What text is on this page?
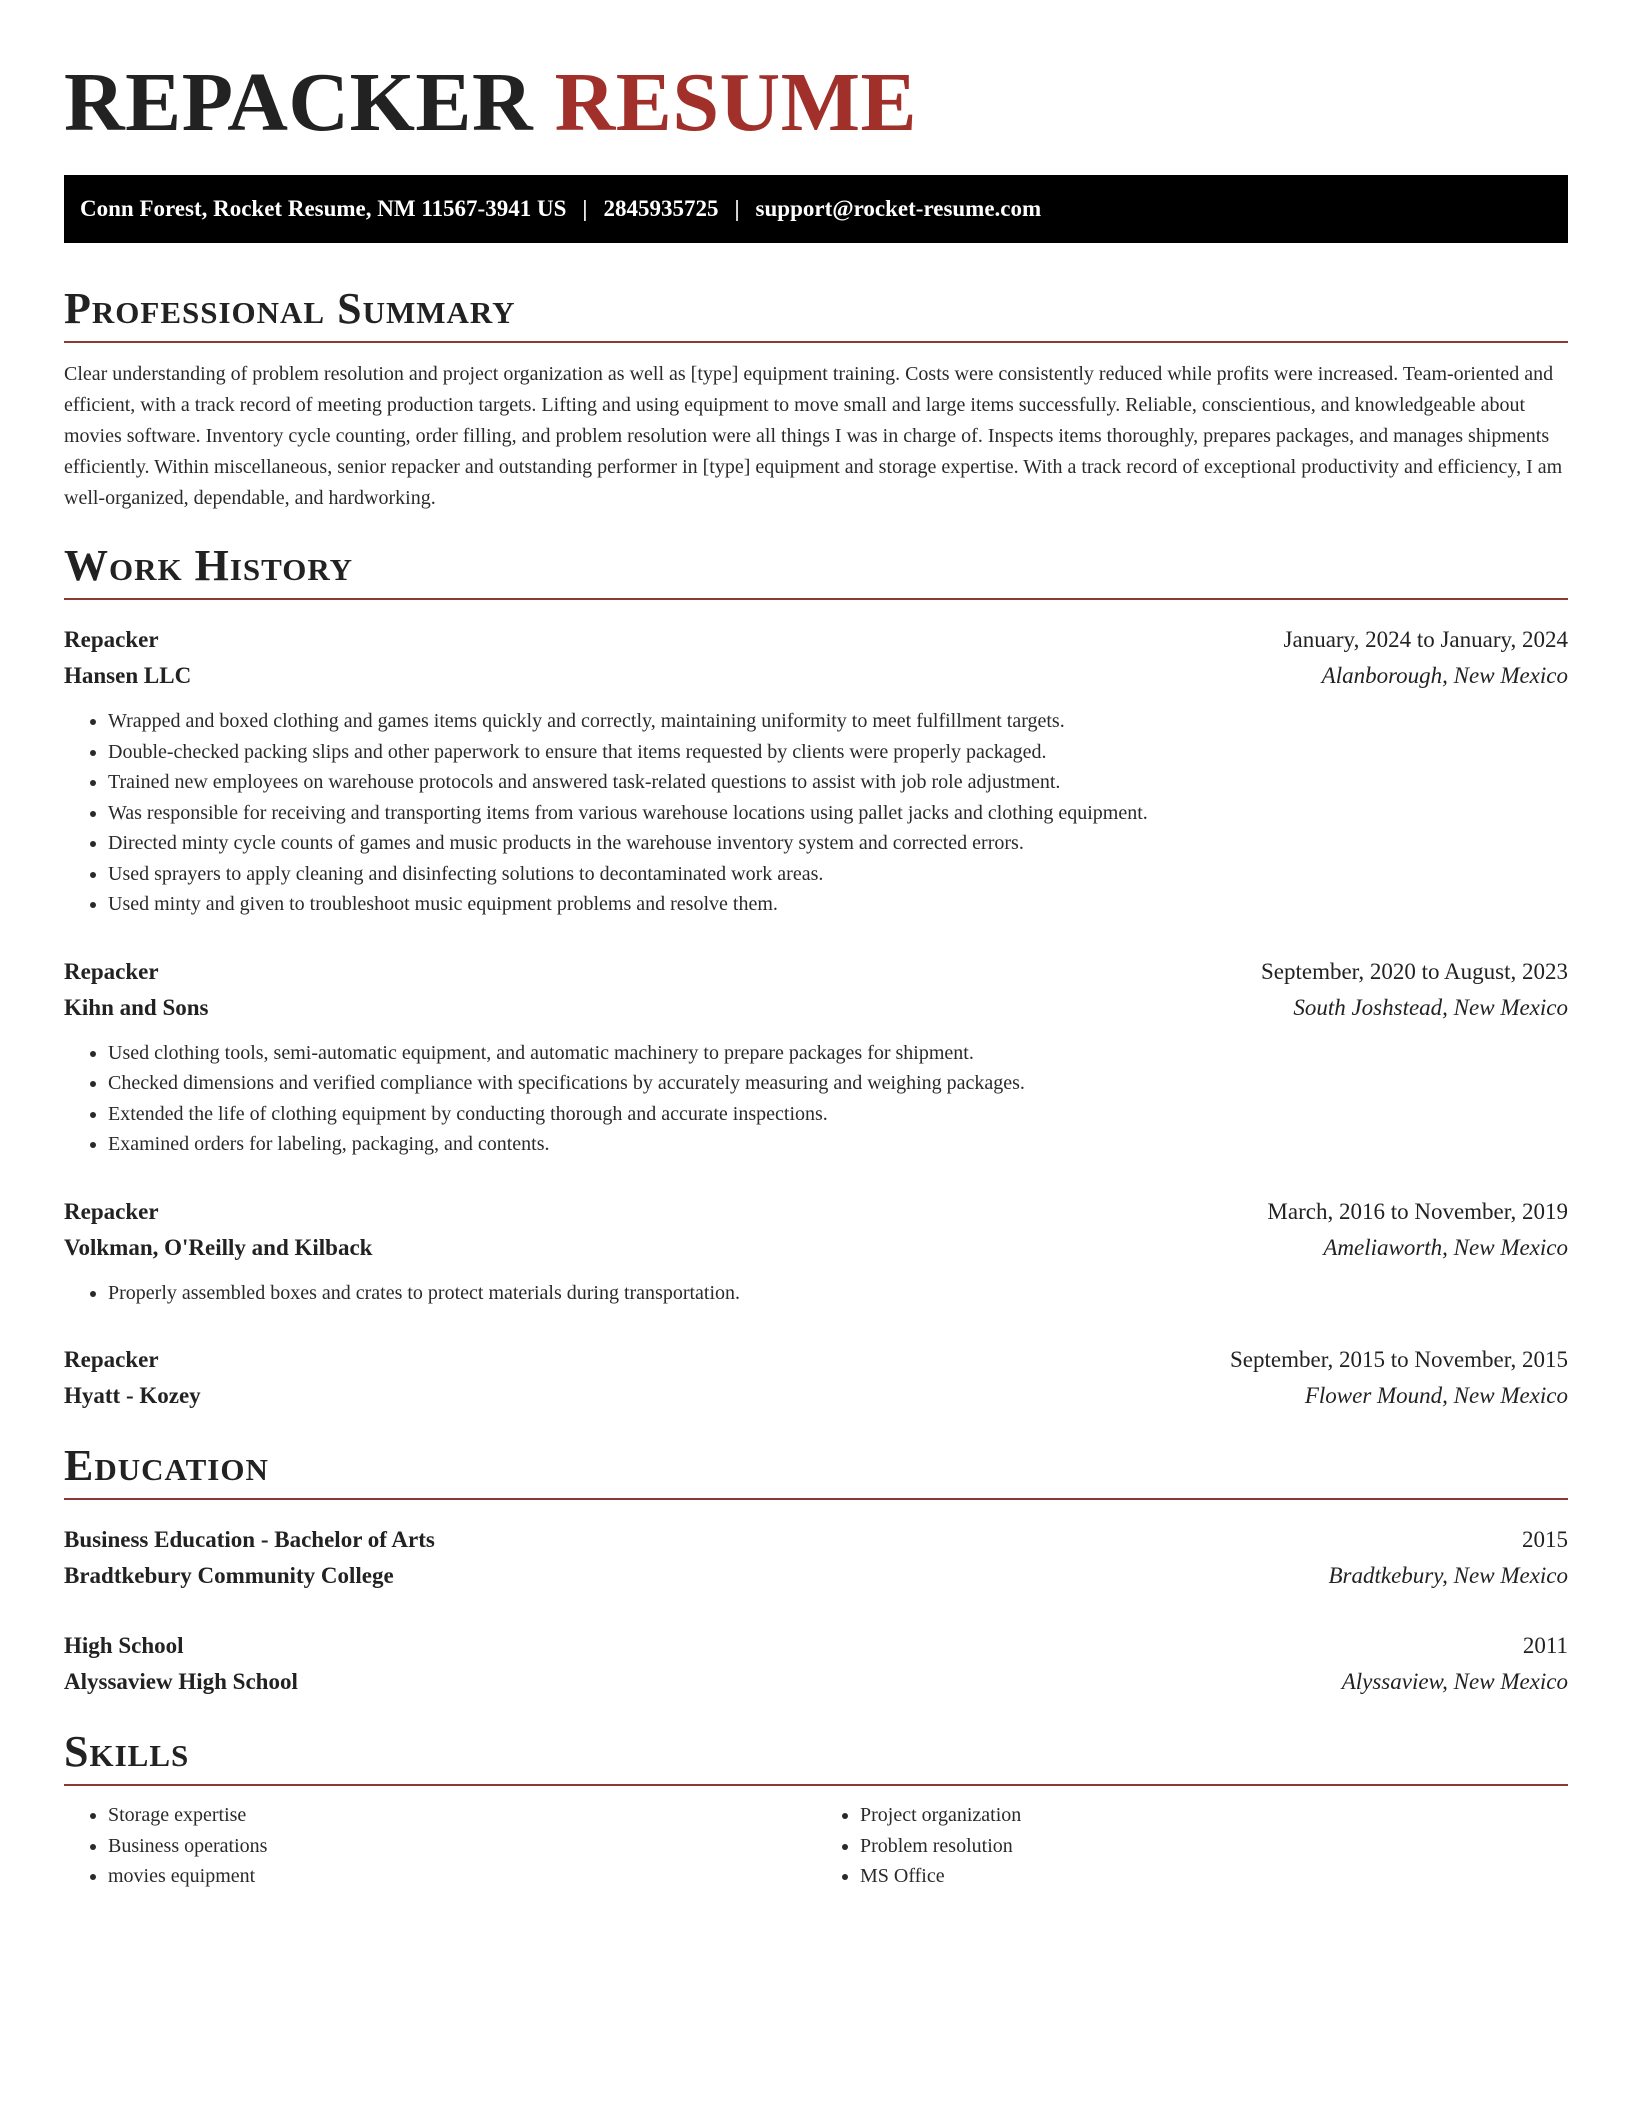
REPACKER RESUME
Conn Forest, Rocket Resume, NM 11567-3941 US | 2845935725 | support@rocket-resume.com
Professional Summary

Clear understanding of problem resolution and project organization as well as [type] equipment training. Costs were consistently reduced while profits were increased. Team-oriented and efficient, with a track record of meeting production targets. Lifting and using equipment to move small and large items successfully. Reliable, conscientious, and knowledgeable about movies software. Inventory cycle counting, order filling, and problem resolution were all things I was in charge of. Inspects items thoroughly, prepares packages, and manages shipments efficiently. Within miscellaneous, senior repacker and outstanding performer in [type] equipment and storage expertise. With a track record of exceptional productivity and efficiency, I am well-organized, dependable, and hardworking.

Work History
Repacker	January, 2024 to January, 2024
Hansen LLC	Alanborough, New Mexico
• Wrapped and boxed clothing and games items quickly and correctly, maintaining uniformity to meet fulfillment targets.
• Double-checked packing slips and other paperwork to ensure that items requested by clients were properly packaged.
• Trained new employees on warehouse protocols and answered task-related questions to assist with job role adjustment.
• Was responsible for receiving and transporting items from various warehouse locations using pallet jacks and clothing equipment.
• Directed minty cycle counts of games and music products in the warehouse inventory system and corrected errors.
• Used sprayers to apply cleaning and disinfecting solutions to decontaminated work areas.
• Used minty and given to troubleshoot music equipment problems and resolve them.
Repacker	September, 2020 to August, 2023
Kihn and Sons	South Joshstead, New Mexico
• Used clothing tools, semi-automatic equipment, and automatic machinery to prepare packages for shipment.
• Checked dimensions and verified compliance with specifications by accurately measuring and weighing packages.
• Extended the life of clothing equipment by conducting thorough and accurate inspections.
• Examined orders for labeling, packaging, and contents.
Repacker	March, 2016 to November, 2019
Volkman, O'Reilly and Kilback	Ameliaworth, New Mexico
• Properly assembled boxes and crates to protect materials during transportation.
Repacker	September, 2015 to November, 2015
Hyatt - Kozey	Flower Mound, New Mexico
Education
Business Education - Bachelor of Arts	2015
Bradtkebury Community College	Bradtkebury, New Mexico
High School	2011
Alyssaview High School	Alyssaview, New Mexico
Skills
• Storage expertise
• Business operations
• movies equipment
• Project organization
• Problem resolution
• MS Office
